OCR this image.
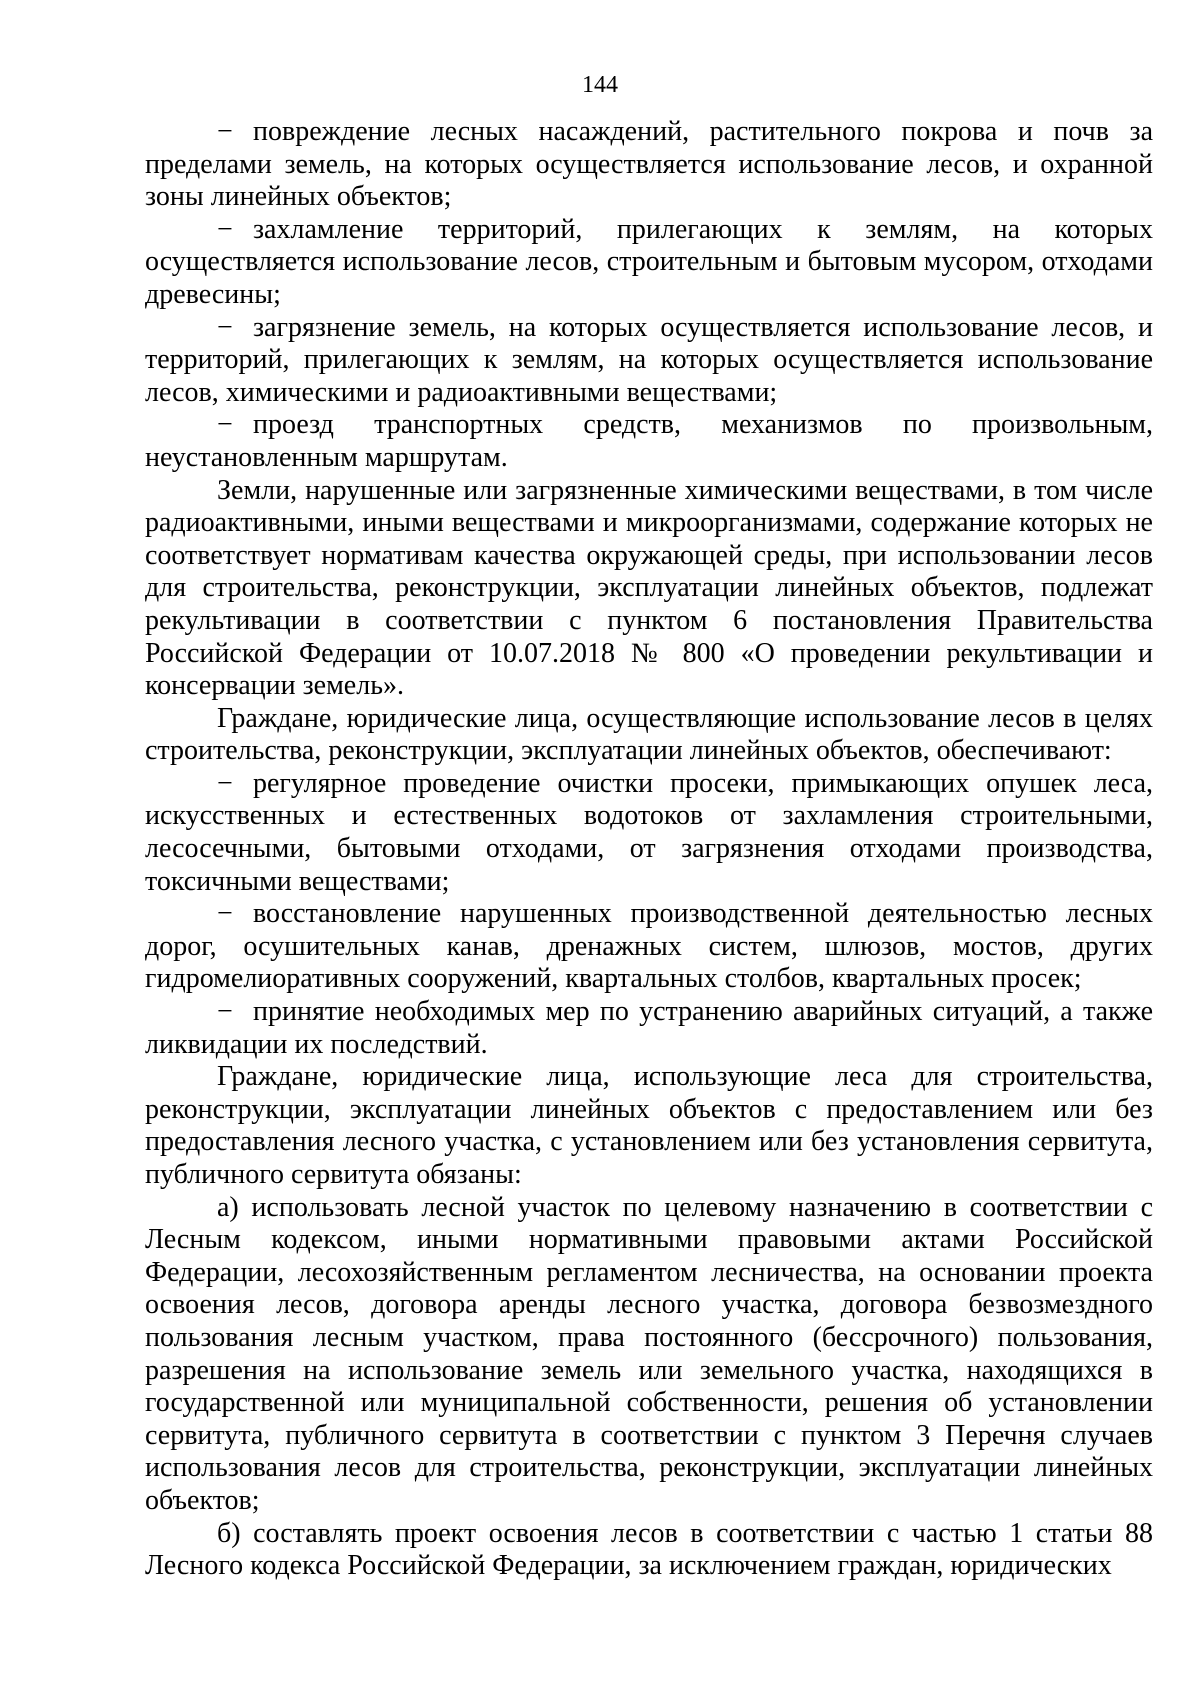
144

− повреждение лесных насаждений, растительного покрова и почв за пределами земель, на которых осуществляется использование лесов, и охранной зоны линейных объектов;

− захламление территорий, прилегающих к землям, на которых осуществляется использование лесов, строительным и бытовым мусором, отходами древесины;

− загрязнение земель, на которых осуществляется использование лесов, и территорий, прилегающих к землям, на которых осуществляется использование лесов, химическими и радиоактивными веществами;

− проезд транспортных средств, механизмов по произвольным, неустановленным маршрутам.

Земли, нарушенные или загрязненные химическими веществами, в том числе радиоактивными, иными веществами и микроорганизмами, содержание которых не соответствует нормативам качества окружающей среды, при использовании лесов для строительства, реконструкции, эксплуатации линейных объектов, подлежат рекультивации в соответствии с пунктом 6 постановления Правительства Российской Федерации от 10.07.2018 № 800 «О проведении рекультивации и консервации земель».

Граждане, юридические лица, осуществляющие использование лесов в целях строительства, реконструкции, эксплуатации линейных объектов, обеспечивают:

− регулярное проведение очистки просеки, примыкающих опушек леса, искусственных и естественных водотоков от захламления строительными, лесосечными, бытовыми отходами, от загрязнения отходами производства, токсичными веществами;

− восстановление нарушенных производственной деятельностью лесных дорог, осушительных канав, дренажных систем, шлюзов, мостов, других гидромелиоративных сооружений, квартальных столбов, квартальных просек;

− принятие необходимых мер по устранению аварийных ситуаций, а также ликвидации их последствий.

Граждане, юридические лица, использующие леса для строительства, реконструкции, эксплуатации линейных объектов с предоставлением или без предоставления лесного участка, с установлением или без установления сервитута, публичного сервитута обязаны:

а) использовать лесной участок по целевому назначению в соответствии с Лесным кодексом, иными нормативными правовыми актами Российской Федерации, лесохозяйственным регламентом лесничества, на основании проекта освоения лесов, договора аренды лесного участка, договора безвозмездного пользования лесным участком, права постоянного (бессрочного) пользования, разрешения на использование земель или земельного участка, находящихся в государственной или муниципальной собственности, решения об установлении сервитута, публичного сервитута в соответствии с пунктом 3 Перечня случаев использования лесов для строительства, реконструкции, эксплуатации линейных объектов;

б) составлять проект освоения лесов в соответствии с частью 1 статьи 88 Лесного кодекса Российской Федерации, за исключением граждан, юридических
